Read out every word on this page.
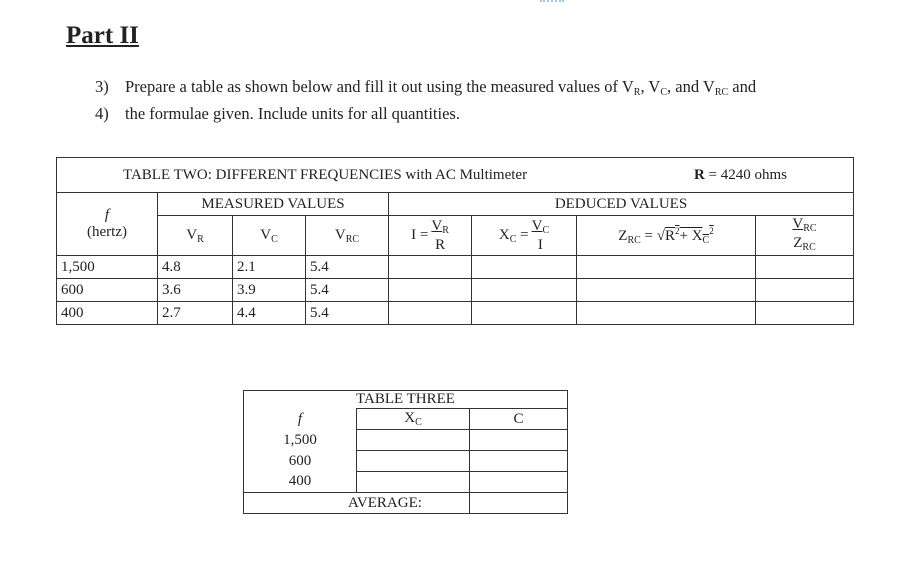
Part II
3) Prepare a table as shown below and fill it out using the measured values of $V_R$, $V_C$, and $V_{RC}$ and
4) the formulae given. Include units for all quantities.
TABLE TWO: DIFFERENT FREQUENCIES with AC Multimeter R = 4240 ohms							

f
(hertz)	MEASURED VALUES			DEDUCED VALUES			
	$V_R$	$V_C$	$V_{RC}$	$I = \frac{V_R}{R}$	$X_C = \frac{V_C}{I}$	$Z_{RC} = √R^2+ X_C^2$	$\frac{V_{RC}}{Z_{RC}}$

1,500	4.8	2.1	5.4				
600	3.6	3.9	5.4				
400	2.7	4.4	5.4				
TABLE THREE		
f	$X_C$	C
1,500		
600		
400		
AVERAGE:		
